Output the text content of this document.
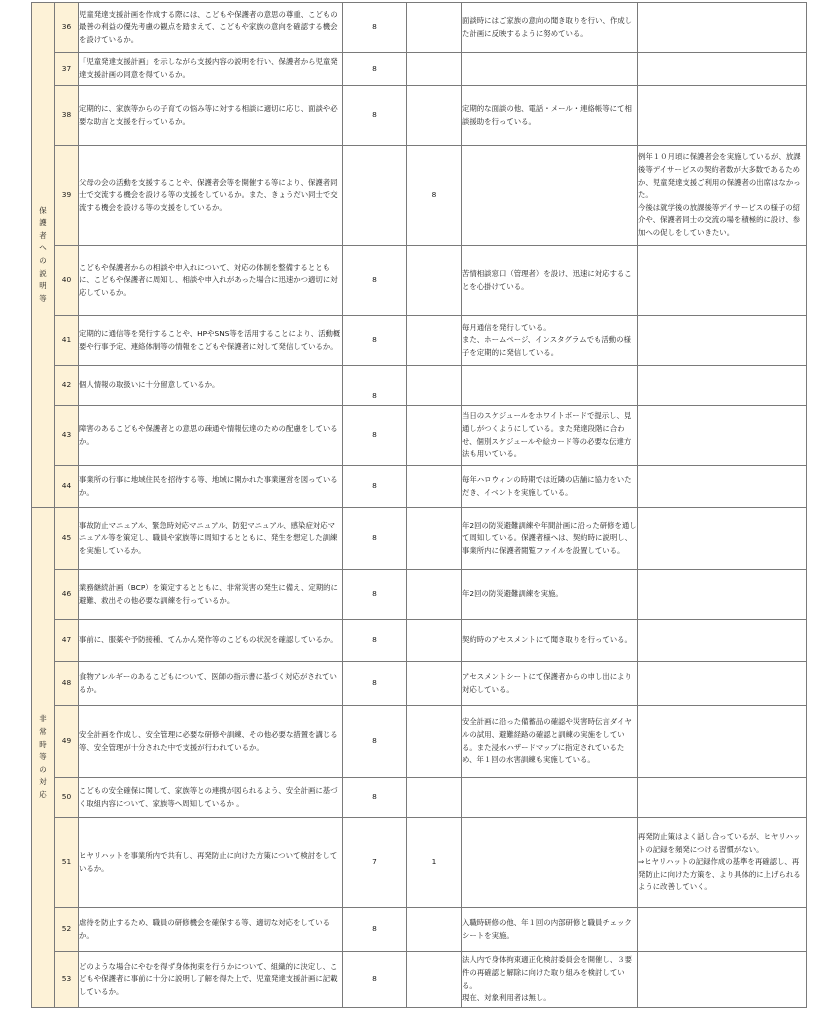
保護者への説明等	36	児童発達支援計画を作成する際には、こどもや保護者の意思の尊重、こどもの最善の利益の優先考慮の観点を踏まえて、こどもや家族の意向を確認する機会を設けているか。	8		面談時にはご家族の意向の聞き取りを行い、作成した計画に反映するように努めている。	
	37	「児童発達支援計画」を示しながら支援内容の説明を行い、保護者から児童発達支援計画の同意を得ているか。	8			
	38	定期的に、家族等からの子育ての悩み等に対する相談に適切に応じ、面談や必要な助言と支援を行っているか。	8		定期的な面談の他、電話・メール・連絡帳等にて相談援助を行っている。	
	39	父母の会の活動を支援することや、保護者会等を開催する等により、保護者同士で交流する機会を設ける等の支援をしているか。また、きょうだい同士で交流する機会を設ける等の支援をしているか。		8		例年１０月頃に保護者会を実施しているが、放課後等デイサービスの契約者数が大多数であるためか、児童発達支援ご利用の保護者の出席はなかった。
今後は就学後の放課後等デイサービスの様子の紹介や、保護者同士の交流の場を積極的に設け、参加への促しをしていきたい。
	40	こどもや保護者からの相談や申入れについて、対応の体制を整備するとともに、こどもや保護者に周知し、相談や申入れがあった場合に迅速かつ適切に対応しているか。	8		苦情相談窓口（管理者）を設け、迅速に対応することを心掛けている。	
	41	定期的に通信等を発行することや、HPやSNS等を活用することにより、活動概要や行事予定、連絡体制等の情報をこどもや保護者に対して発信しているか。	8		毎月通信を発行している。
また、ホームページ、インスタグラムでも活動の様子を定期的に発信している。	
	42	個人情報の取扱いに十分留意しているか。	8			
	43	障害のあるこどもや保護者との意思の疎通や情報伝達のための配慮をしているか。	8		当日のスケジュールをホワイトボードで提示し、見通しがつくようにしている。また発達段階に合わせ、個別スケジュールや絵カード等の必要な伝達方法も用いている。	
	44	事業所の行事に地域住民を招待する等、地域に開かれた事業運営を図っているか。	8		毎年ハロウィンの時期では近隣の店舗に協力をいただき、イベントを実施している。	

非常時等の対応	45	事故防止マニュアル、緊急時対応マニュアル、防犯マニュアル、感染症対応マニュアル等を策定し、職員や家族等に周知するとともに、発生を想定した訓練を実施しているか。	8		年2回の防災避難訓練や年間計画に沿った研修を通して周知している。保護者様へは、契約時に説明し、事業所内に保護者閲覧ファイルを設置している。	
	46	業務継続計画（BCP）を策定するとともに、非常災害の発生に備え、定期的に避難、救出その他必要な訓練を行っているか。	8		年2回の防災避難訓練を実施。	
	47	事前に、服薬や予防接種、てんかん発作等のこどもの状況を確認しているか。	8		契約時のアセスメントにて聞き取りを行っている。	
	48	食物アレルギーのあるこどもについて、医師の指示書に基づく対応がされているか。	8		アセスメントシートにて保護者からの申し出により対応している。	
	49	安全計画を作成し、安全管理に必要な研修や訓練、その他必要な措置を講じる等、安全管理が十分された中で支援が行われているか。	8		安全計画に沿った備蓄品の確認や災害時伝言ダイヤルの試用、避難経路の確認と訓練の実施をしている。また浸水ハザードマップに指定されているため、年１回の水害訓練も実施している。	
	50	こどもの安全確保に関して、家族等との連携が図られるよう、安全計画に基づく取組内容について、家族等へ周知しているか 。	8			
	51	ヒヤリハットを事業所内で共有し、再発防止に向けた方策について検討をしているか。	7	1		再発防止策はよく話し合っているが、ヒヤリハットの記録を頻発につける習慣がない。
⇒ヒヤリハットの記録作成の基準を再確認し、再発防止に向けた方策を、より具体的に上げられるように改善していく。
	52	虐待を防止するため、職員の研修機会を確保する等、適切な対応をしているか。	8		入職時研修の他、年１回の内部研修と職員チェックシートを実施。	
	53	どのような場合にやむを得ず身体拘束を行うかについて、組織的に決定し、こどもや保護者に事前に十分に説明し了解を得た上で、児童発達支援計画に記載しているか。	8		法人内で身体拘束適正化検討委員会を開催し、３要件の再確認と解除に向けた取り組みを検討している。
現在、対象利用者は無し。	
